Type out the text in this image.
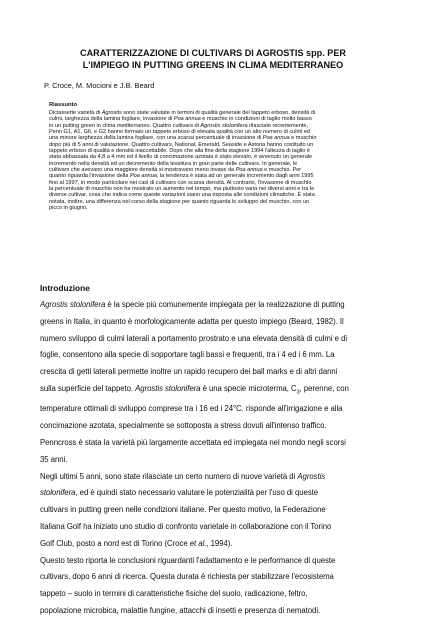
CARATTERIZZAZIONE DI CULTIVARS DI AGROSTIS spp. PER
L'IMPIEGO IN PUTTING GREENS IN CLIMA MEDITERRANEO

P. Croce, M. Mocioni e J.B. Beard

Riassunto

Diciassette varietà di Agrostis sono state valutate in termini di qualità generale del tappeto erboso, densità di

culmi, larghezza della lamina fogliare, invasione di Poa annua e muschio in condizioni di taglio molto basso

in un putting green in clima mediterraneo. Quattro cultivars di Agrostis stolonifera rilasciate recentemente,

Penn G1, A1, G6, e G2 hanno formato un tappeto erboso di elevata qualità con un alto numero di culmi ed

una minore larghezza della lamina fogliare, con una scarsa percentuale di invasione di Poa annua e muschio

dopo più di 5 anni di valutazione. Quattro cultivars, National, Emerald, Seaside e Astoria hanno costituito un

tappeto erboso di qualità e densità inaccettabile. Dopo che alla fine della stagione 1994 l'altezza di taglio è

stata abbassata da 4,8 a 4 mm ed il livello di concimazione azotata è stato elevato, è avvenuto un generale

incremento nella densità ed un decremento della tessitura in gran parte delle cultivars. In generale, le

cultivars che avevano una maggiore densità si mostravano meno invase da Poa annua e muschio. Per

quanto riguarda l'invasione della Poa annua, la tendenza è stata ad un generale incremento dagli anni 1995

fino al 1997, in modo particolare nei casi di cultivars con scarsa densità. Al contrario, l'invasione di muschio

la percentuale di muschio non ha mostrato un aumento nel tempo, ma piuttosto varia nei diversi anni e tra le

diverse cultivar, cosa che indica come queste variazioni siano una risposta alle condizioni climatiche. È stata

notata, inoltre, una differenza nel corso della stagione per quanto riguarda lo sviluppo del muschio, con un

picco in giugno.

Introduzione

Agrostis stolonifera è la specie più comunemente impiegata per la realizzazione di putting

greens in Italia, in quanto è morfologicamente adatta per questo impiego (Beard, 1982). Il

numero sviluppo di culmi laterali a portamento prostrato e una elevata densità di culmi e di

foglie, consentono alla specie di sopportare tagli bassi e frequenti, tra i 4 ed i 6 mm. La

crescita di getti laterali permette inoltre un rapido recupero dei ball marks e di altri danni

sulla superficie del tappeto. Agrostis stolonifera è una specie microterma, $C_3$, perenne, con

temperature ottimali di sviluppo comprese tra i 16 ed i 24°C. risponde all'irrigazione e alla

concimazione azotata, specialmente se sottoposta a stress dovuti all'intenso traffico.

Penncross è stata la varietà più largamente accettata ed impiegata nel mondo negli scorsi

35 anni.

Negli ultimi 5 anni, sono state rilasciate un certo numero di nuove varietà di Agrostis

stolonifera, ed è quindi stato necessario valutare le potenzialità per l'uso di queste

cultivars in putting green nelle condizioni italiane. Per questo motivo, la Federazione

Italiana Golf ha iniziato uno studio di confronto varietale in collaborazione con il Torino

Golf Club, posto a nord est di Torino (Croce et al., 1994).

Questo testo riporta le conclusioni riguardanti l'adattamento e le performance di queste

cultivars, dopo 6 anni di ricerca. Questa durata è richiesta per stabilizzare l'ecosistema

tappeto – suolo in termini di caratteristiche fisiche del suolo, radicazione, feltro,

popolazione microbica, malattie fungine, attacchi di insetti e presenza di nematodi.
